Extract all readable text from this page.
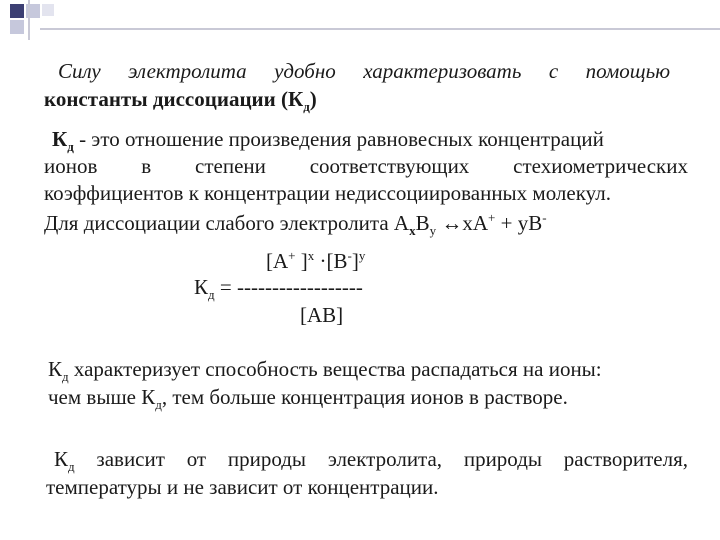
Силу электролита удобно характеризовать с помощью
константы диссоциации $(К_д)$
$К_д$ - это отношение произведения равновесных концентраций
ионов в степени соответствующих стехиометрических
коэффициентов к концентрации недиссоциированных молекул.
Для диссоциации слабого электролита $A_xB_y$ ↔xA+ + yB-
[A+ ]$^x \cdot[B^-]^y$
$К_д$ = ------------------
[AB]
$К_д$ характеризует способность вещества распадаться на ионы:
чем выше $К_д$, тем больше концентрация ионов в растворе.
$К_д$ зависит от природы электролита, природы растворителя,
температуры и не зависит от концентрации.
